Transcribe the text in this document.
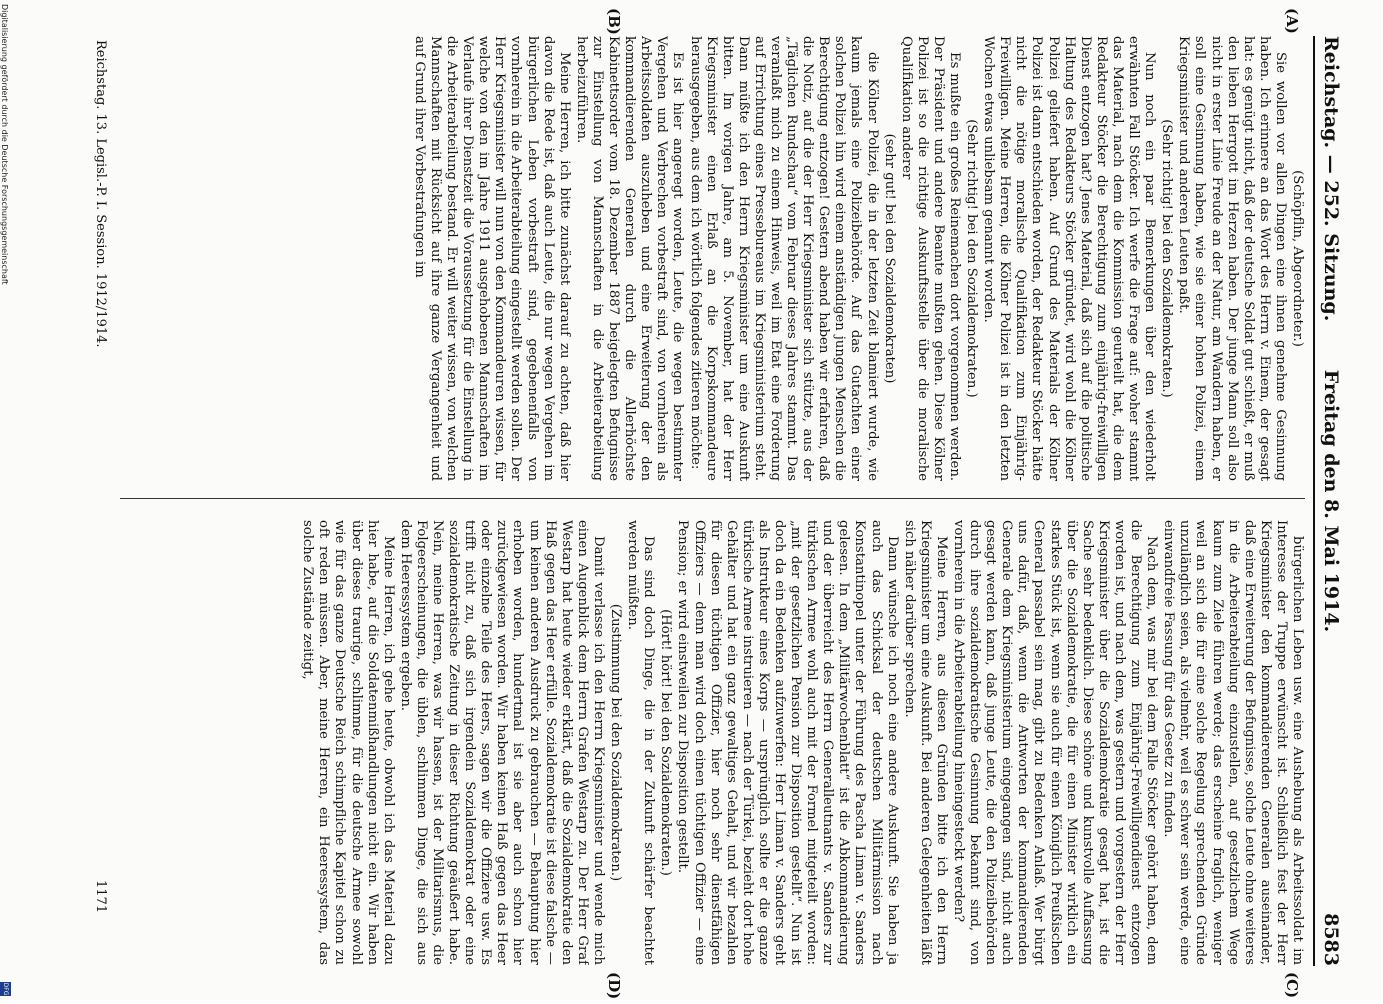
Reichstag. — 252. Sitzung.
Freitag den 8. Mai 1914.
8583
(A)
(B)
(C)
(D)

(Schöpflin, Abgeordneter.)

Sie wollen vor allen Dingen eine ihnen genehme Gesinnung haben. Ich erinnere an das Wort des Herrn v. Einem, der gesagt hat: es genügt nicht, daß der deutsche Soldat gut schießt, er muß den lieben Herrgott im Herzen haben. Der junge Mann soll also nicht in erster Linie Freude an der Natur, am Wandern haben, er soll eine Gesinnung haben, wie sie einer hohen Polizei, einem Kriegsminister und anderen Leuten paßt.

(Sehr richtig! bei den Sozialdemokraten.)

Nun noch ein paar Bemerkungen über den wiederholt erwähnten Fall Stöcker. Ich werfe die Frage auf: woher stammt das Material, nach dem die Kommission geurteilt hat, die dem Redakteur Stöcker die Berechtigung zum einjährig-freiwilligen Dienst entzogen hat? Jenes Material, daß sich auf die politische Haltung des Redakteurs Stöcker gründet, wird wohl die Kölner Polizei geliefert haben. Auf Grund des Materials der Kölner Polizei ist dann entschieden worden, der Redakteur Stöcker hätte nicht die nötige moralische Qualifikation zum Einjährig-Freiwilligen. Meine Herren, die Kölner Polizei ist in den letzten Wochen etwas unliebsam genannt worden.

(Sehr richtig! bei den Sozialdemokraten.)

Es mußte ein großes Reinemachen dort vorgenommen werden. Der Präsident und andere Beamte mußten gehen. Diese Kölner Polizei ist so die richtige Auskunftsstelle über die moralische Qualifikation anderer

(sehr gut! bei den Sozialdemokraten)

die Kölner Polizei, die in der letzten Zeit blamiert wurde, wie kaum jemals eine Polizeibehörde. Auf das Gutachten einer solchen Polizei hin wird einem anständigen jungen Menschen die Berechtigung entzogen! Gestern abend haben wir erfahren, daß die Notiz, auf die der Herr Kriegsminister sich stützte, aus der „Täglichen Rundschau“ vom Februar dieses Jahres stammt. Das veranlaßt mich zu einem Hinweis, weil im Etat eine Forderung auf Errichtung eines Pressebureaus im Kriegsministerium steht. Dann müßte ich den Herrn Kriegsminister um eine Auskunft bitten. Im vorigen Jahre, am 5. November, hat der Herr Kriegsminister einen Erlaß an die Korpskommandeure herausgegeben, aus dem ich wörtlich folgendes zitieren möchte:

Es ist hier angeregt worden, Leute, die wegen bestimmter Vergehen und Verbrechen vorbestraft sind, von vornherein als Arbeitssoldaten auszuheben und eine Erweiterung der den kommandierenden Generalen durch die Allerhöchste Kabinettsorder vom 18. Dezember 1887 beigelegten Befugnisse zur Einstellung von Mannschaften in die Arbeiterabteilung herbeizuführen.

Meine Herren, ich bitte zunächst darauf zu achten, daß hier davon die Rede ist, daß auch Leute, die nur wegen Vergehen im bürgerlichen Leben vorbestraft sind, gegebenenfalls von vornherein in die Arbeiterabteilung eingestellt werden sollen. Der Herr Kriegsminister will nun von den Kommandeuren wissen, für welche von den im Jahre 1911 ausgehobenen Mannschaften im Verlaufe ihrer Dienstzeit die Voraussetzung für die Einstellung in die Arbeiterabteilung bestand. Er will weiter wissen, von welchen Mannschaften mit Rücksicht auf ihre ganze Vergangenheit und auf Grund ihrer Vorbestrafungen im

bürgerlichen Leben usw. eine Aushebung als Arbeitssoldat im Interesse der Truppe erwünscht ist. Schließlich fest der Herr Kriegsminister den kommandierenden Generalen auseinander, daß eine Erweiterung der Befugnisse, solche Leute ohne weiteres in die Arbeiterabteilung einzustellen, auf gesetzlichem Wege kaum zum Ziele führen werde; das erscheine fraglich, weniger weil an sich die für eine solche Regelung sprechenden Gründe unzulänglich seien, als vielmehr, weil es schwer sein werde, eine einwandfreie Fassung für das Gesetz zu finden.

Nach dem, was mir bei dem Falle Stöcker gehört haben, dem die Berechtigung zum Einjährig-Freiwilligendienst entzogen worden ist, und nach dem, was gestern und vorgestern der Herr Kriegsminister über die Sozialdemokratie gesagt hat, ist die Sache sehr bedenklich. Diese schöne und kunstvolle Auffassung über die Sozialdemokratie, die für einen Minister wirklich ein starkes Stück ist, wenn sie auch für einen Königlich Preußischen General passabel sein mag, gibt zu Bedenken Anlaß. Wer bürgt uns dafür, daß, wenn die Antworten der kommandierenden Generale dem Kriegsministerium eingegangen sind, nicht auch gesagt werden kann, daß junge Leute, die den Polizeibehörden durch ihre sozialdemokratische Gesinnung bekannt sind, von vornherein in die Arbeiterabteilung hineingesteckt werden?

Meine Herren, aus diesen Gründen bitte ich den Herrn Kriegsminister um eine Auskunft. Bei anderen Gelegenheiten läßt sich näher darüber sprechen.

Dann wünsche ich noch eine andere Auskunft. Sie haben ja auch das Schicksal der deutschen Militärmission nach Konstantinopel unter der Führung des Pascha Liman v. Sanders gelesen. In dem „Militärwochenblatt“ ist die Abkommandierung und der überreicht des Herrn Generalleutnants v. Sanders zur türkischen Armee wohl auch mit der Formel mitgeteilt worden: „mit der gesetzlichen Pension zur Disposition gestellt“. Nun ist doch da ein Bedenken aufzuwerfen: Herr Liman v. Sanders geht als Instrukteur eines Korps — ursprünglich sollte er die ganze türkische Armee instruieren — nach der Türkei, bezieht dort hohe Gehälter und hat ein ganz gewaltiges Gehalt, und wir bezahlen für diesen tüchtigen Offizier, hier noch sehr dienstfähigen Offiziers — denn man wird doch einen tüchtigen Offizier — eine Pension; er wird einstweilen zur Disposition gestellt.

(Hört! hört! bei den Sozialdemokraten.)

Das sind doch Dinge, die in der Zukunft schärfer beachtet werden müßten.

(Zustimmung bei den Sozialdemokraten.)

Damit verlasse ich den Herrn Kriegsminister und wende mich einen Augenblick dem Herrn Grafen Westarp zu. Der Herr Graf Westarp hat heute wieder erklärt, daß die Sozialdemokratie den Haß gegen das Heer erfülle. Sozialdemokratie ist diese falsche — um keinen anderen Ausdruck zu gebrauchen — Behauptung hier erhoben worden, hundertmal ist sie aber auch schon hier zurückgewiesen worden. Wir haben keinen Haß gegen das Heer oder einzelne Teile des Heers, sagen wir die Offiziere usw. Es trifft nicht zu, daß sich irgendein Sozialdemokrat oder eine sozialdemokratische Zeitung in dieser Richtung geäußert habe. Nein, meine Herren, was wir hassen, ist der Militarismus, die Folgeerscheinungen, die üblen, schlimmen Dinge, die sich aus dem Heeressystem ergeben.

Meine Herren, ich gehe heute, obwohl ich das Material dazu hier habe, auf die Soldatenmißhandlungen nicht ein. Wir haben über dieses traurige, schlimme, für die deutsche Armee sowohl wie für das ganze Deutsche Reich schimpfliche Kapitel schon zu oft reden müssen. Aber, meine Herren, ein Heeressystem, das solche Zustände zeitigt,

Reichstag. 13. Legisl.-P. I. Session. 1912/1914.
1171
Digitalisierung gefördert durch die Deutsche Forschungsgemeinschaft
DFG
